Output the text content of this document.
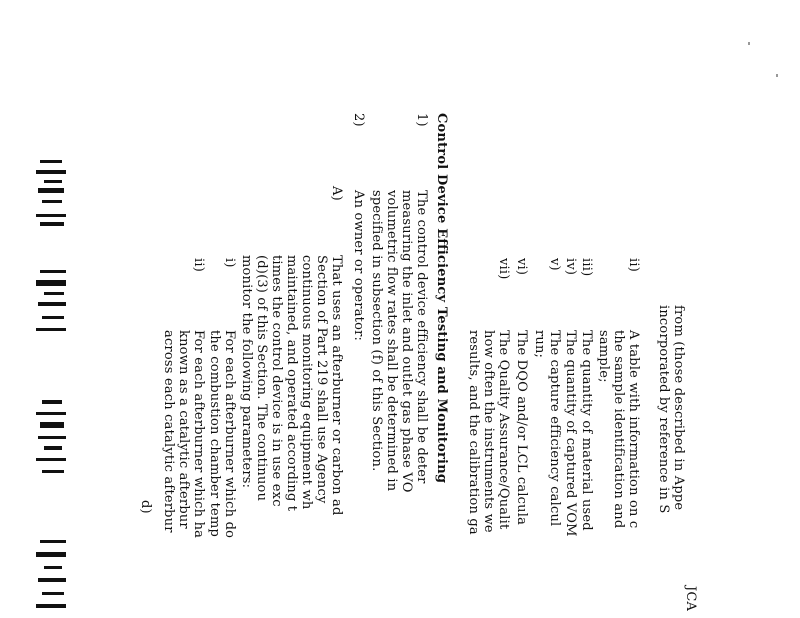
JCA
from (those described in Appe
incorporated by reference in S
ii)
A table with information on c
the sample identification and
sample;
iii)
The quantity of material used
iv)
The quantity of captured VOM
v)
The capture efficiency calcul
run;
vi)
The DQO and/or LCL calcula
vii)
The Quality Assurance/Qualit
how often the instruments we
results, and the calibration ga
d)
Control Device Efficiency Testing and Monitoring
1)
The control device efficiency shall be deter
measuring the inlet and outlet gas phase VO
volumetric flow rates shall be determined in
specified in subsection (f) of this Section.
2)
An owner or operator:
A)
That uses an afterburner or carbon ad
Section of Part 219 shall use Agency
continuous monitoring equipment wh
maintained, and operated according t
times the control device is in use exc
(d)(3) of this Section. The continuou
monitor the following parameters:
i)
For each afterburner which do
the combustion chamber temp
ii)
For each afterburner which ha
known as a catalytic afterbur
across each catalytic afterbur
